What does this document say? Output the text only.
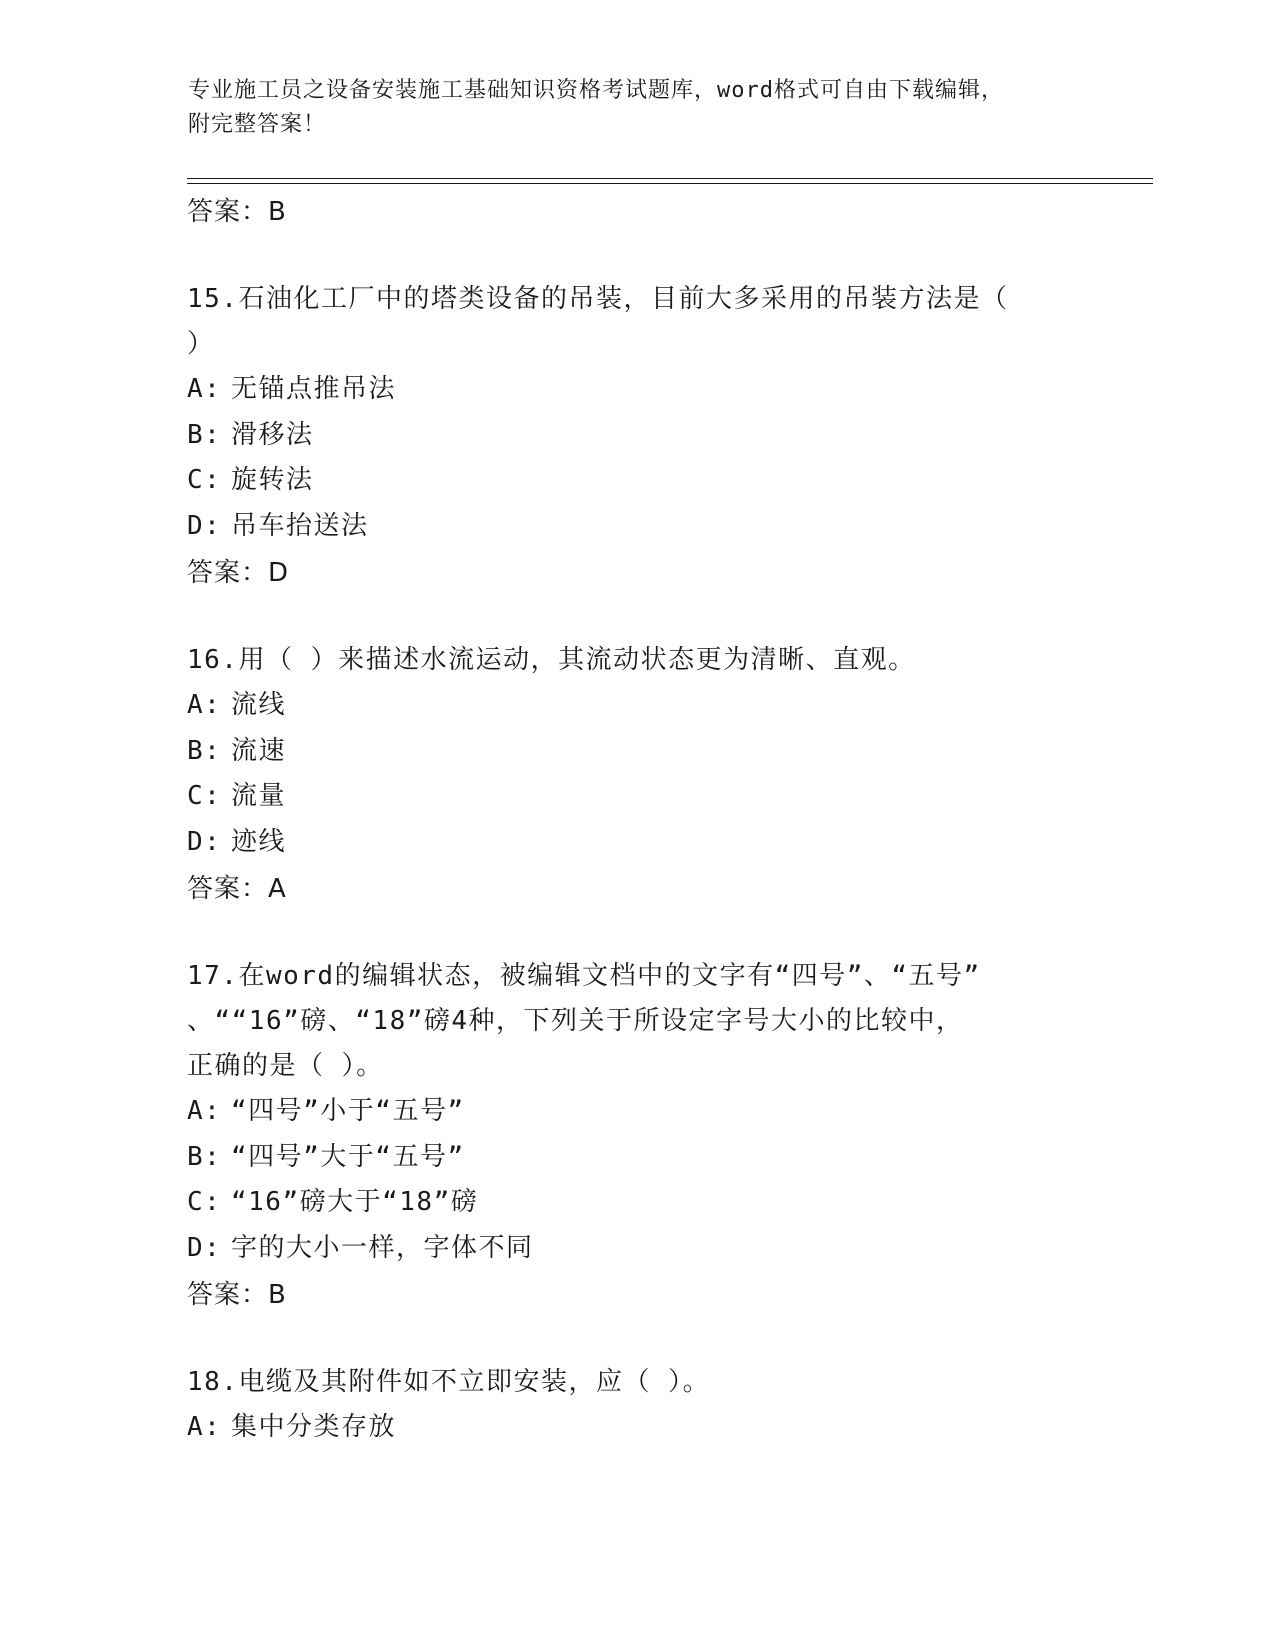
专业施工员之设备安装施工基础知识资格考试题库，word格式可自由下载编辑，
附完整答案！
答案：B
15.石油化工厂中的塔类设备的吊装，目前大多采用的吊装方法是（
）
A: 无锚点推吊法
B: 滑移法
C: 旋转法
D: 吊车抬送法
答案：D
16.用（ ）来描述水流运动，其流动状态更为清晰、直观。
A: 流线
B: 流速
C: 流量
D: 迹线
答案：A
17.在word的编辑状态，被编辑文档中的文字有“四号”、“五号”
、““16”磅、“18”磅4种，下列关于所设定字号大小的比较中，
正确的是（ ）。
A: “四号”小于“五号”
B: “四号”大于“五号”
C: “16”磅大于“18”磅
D: 字的大小一样，字体不同
答案：B
18.电缆及其附件如不立即安装，应（ ）。
A: 集中分类存放
